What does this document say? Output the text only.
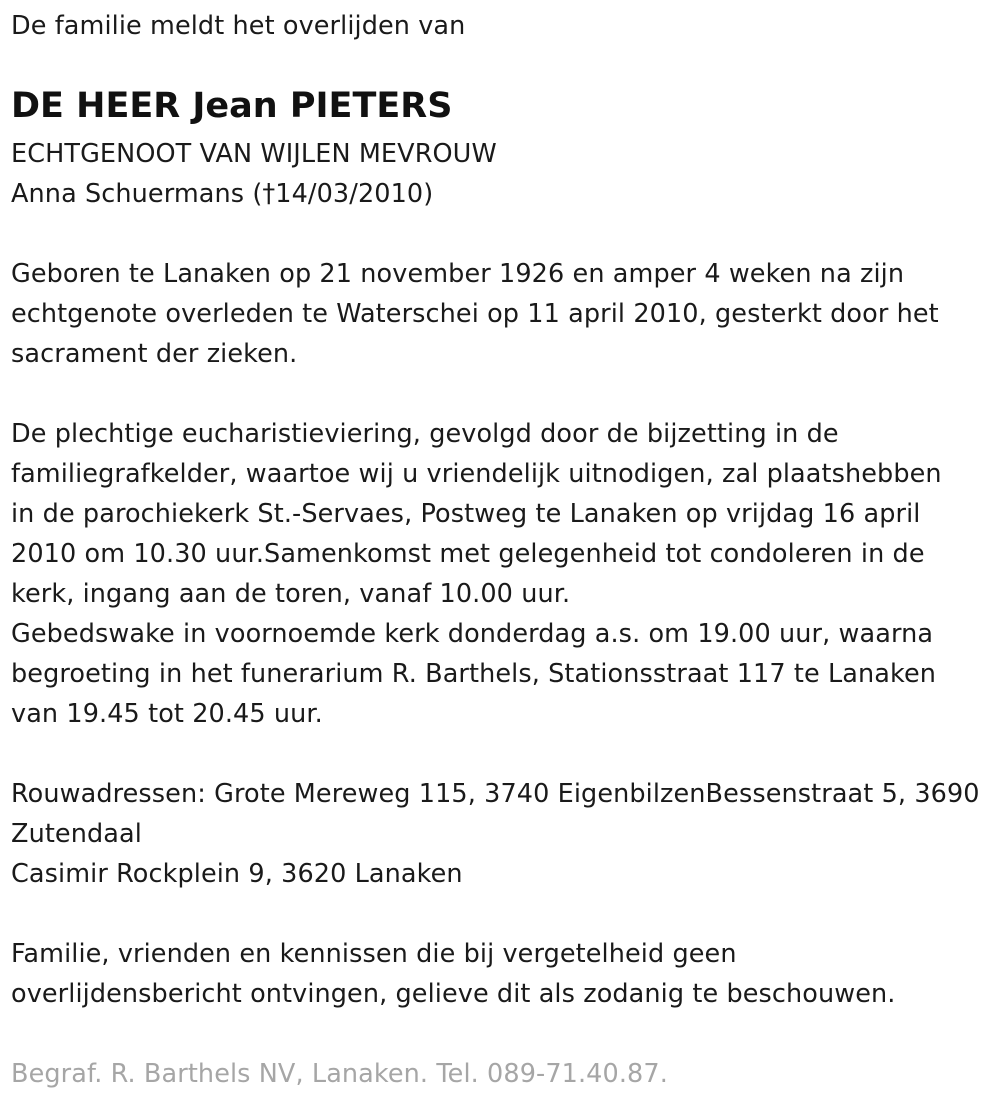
De familie meldt het overlijden van
DE HEER Jean PIETERS
ECHTGENOOT VAN WIJLEN MEVROUW
Anna Schuermans (†14/03/2010)
Geboren te Lanaken op 21 november 1926 en amper 4 weken na zijn
echtgenote overleden te Waterschei op 11 april 2010, gesterkt door het
sacrament der zieken.
De plechtige eucharistieviering, gevolgd door de bijzetting in de
familiegrafkelder, waartoe wij u vriendelijk uitnodigen, zal plaatshebben
in de parochiekerk St.-Servaes, Postweg te Lanaken op vrijdag 16 april
2010 om 10.30 uur.Samenkomst met gelegenheid tot condoleren in de
kerk, ingang aan de toren, vanaf 10.00 uur.
Gebedswake in voornoemde kerk donderdag a.s. om 19.00 uur, waarna
begroeting in het funerarium R. Barthels, Stationsstraat 117 te Lanaken
van 19.45 tot 20.45 uur.
Rouwadressen: Grote Mereweg 115, 3740 EigenbilzenBessenstraat 5, 3690
Zutendaal
Casimir Rockplein 9, 3620 Lanaken
Familie, vrienden en kennissen die bij vergetelheid geen
overlijdensbericht ontvingen, gelieve dit als zodanig te beschouwen.
Begraf. R. Barthels NV, Lanaken. Tel. 089-71.40.87.
